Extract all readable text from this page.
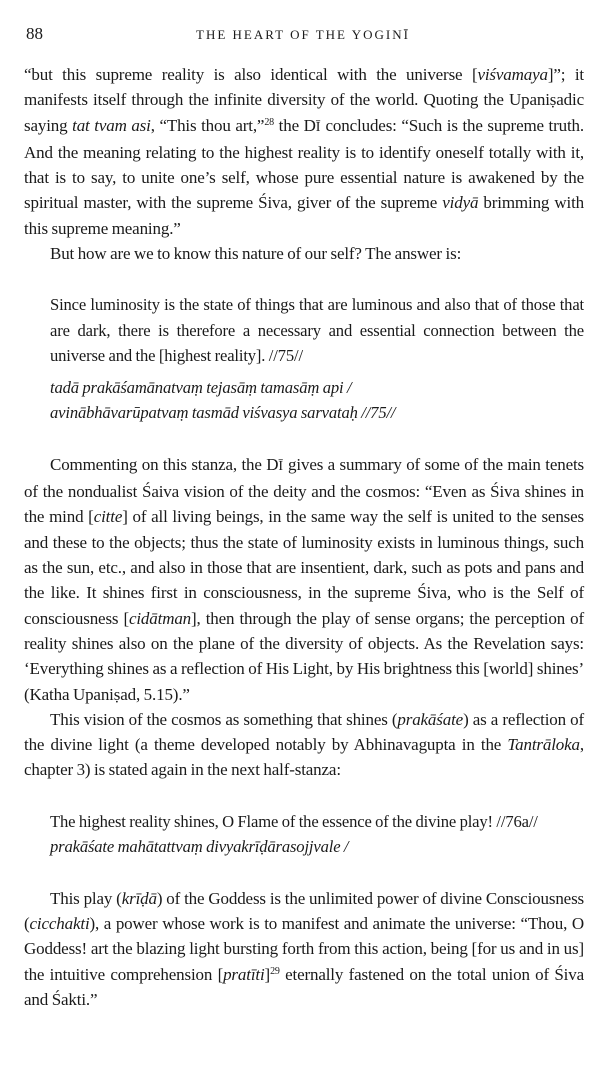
88	THE HEART OF THE YOGINĪ

“but this supreme reality is also identical with the universe [viśvamaya]”; it manifests itself through the infinite diversity of the world. Quoting the Upaniṣadic saying tat tvam asi, “This thou art,”$^{28}$ the DĪ concludes: “Such is the supreme truth. And the meaning relating to the highest reality is to identify oneself totally with it, that is to say, to unite one’s self, whose pure essential nature is awakened by the spiritual master, with the supreme Śiva, giver of the supreme vidyā brimming with this supreme meaning.”

But how are we to know this nature of our self? The answer is:

Since luminosity is the state of things that are luminous and also that of those that are dark, there is therefore a necessary and essential connection between the universe and the [highest reality]. //75//

tadā prakāśamānatvaṃ tejasāṃ tamasāṃ api /

avinābhāvarūpatvaṃ tasmād viśvasya sarvataḥ //75//

Commenting on this stanza, the DĪ gives a summary of some of the main tenets of the nondualist Śaiva vision of the deity and the cosmos: “Even as Śiva shines in the mind [citte] of all living beings, in the same way the self is united to the senses and these to the objects; thus the state of luminosity exists in luminous things, such as the sun, etc., and also in those that are insentient, dark, such as pots and pans and the like. It shines first in consciousness, in the supreme Śiva, who is the Self of consciousness [cidātman], then through the play of sense organs; the perception of reality shines also on the plane of the diversity of objects. As the Revelation says: ‘Everything shines as a reflection of His Light, by His brightness this [world] shines’ (Katha Upaniṣad, 5.15).”

This vision of the cosmos as something that shines (prakāśate) as a reflection of the divine light (a theme developed notably by Abhinavagupta in the Tantrāloka, chapter 3) is stated again in the next half-stanza:

The highest reality shines, O Flame of the essence of the divine play! //76a//

prakāśate mahātattvaṃ divyakrīḍārasojjvale /

This play (krīḍā) of the Goddess is the unlimited power of divine Consciousness (cicchakti), a power whose work is to manifest and animate the universe: “Thou, O Goddess! art the blazing light bursting forth from this action, being [for us and in us] the intuitive comprehension [pratīti]$^{29}$ eternally fastened on the total union of Śiva and Śakti.”
